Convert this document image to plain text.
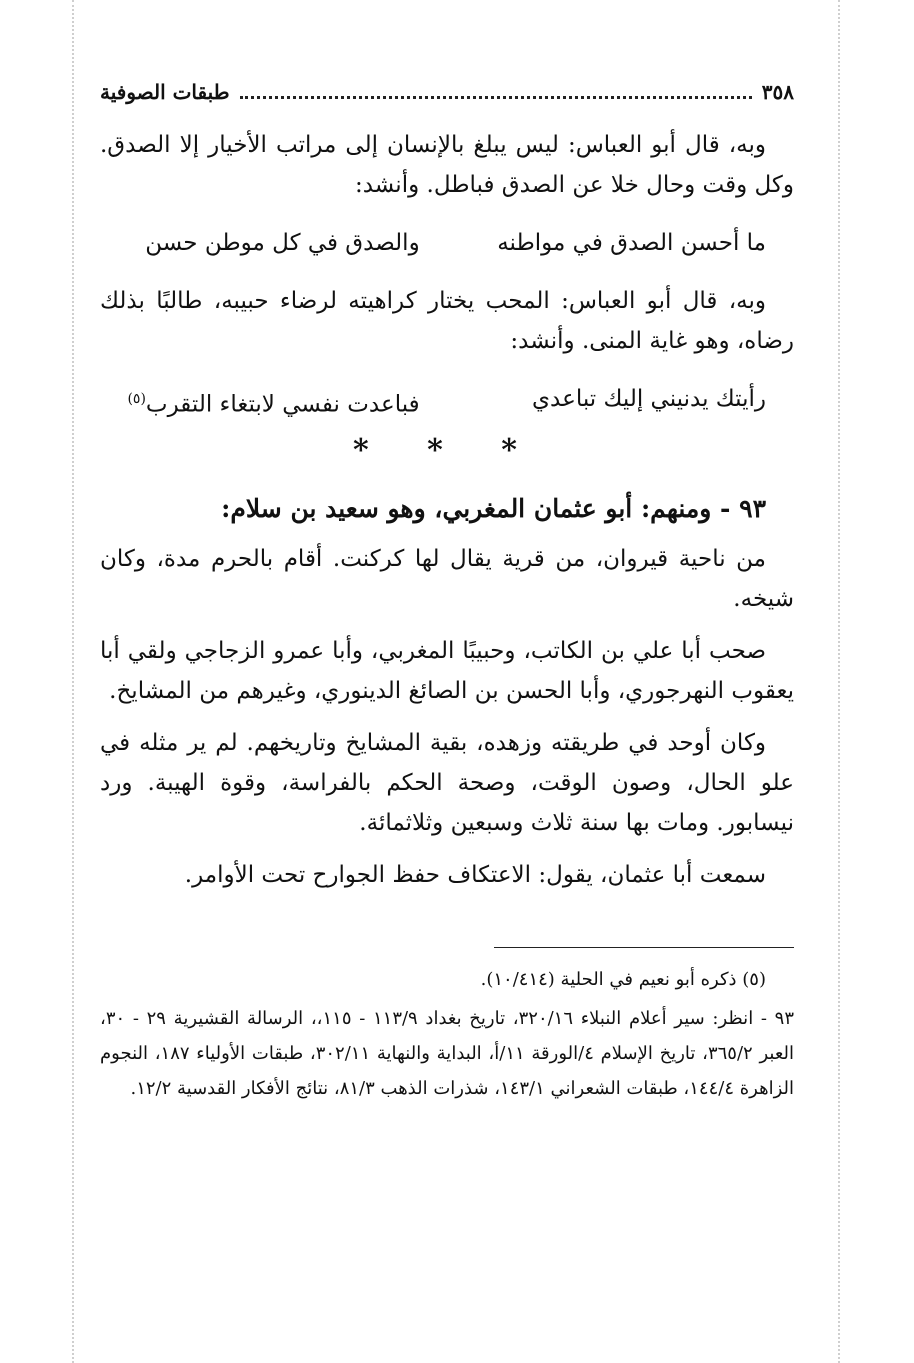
٣٥٨
طبقات الصوفية

وبه، قال أبو العباس: ليس يبلغ بالإنسان إلى مراتب الأخيار إلا الصدق. وكل وقت وحال خلا عن الصدق فباطل. وأنشد:

ما أحسن الصدق في مواطنه
والصدق في كل موطن حسن

وبه، قال أبو العباس: المحب يختار كراهيته لرضاء حبيبه، طالبًا بذلك رضاه، وهو غاية المنى. وأنشد:

رأيتك يدنيني إليك تباعدي
فباعدت نفسي لابتغاء التقرب$^{(٥)}$
* * *
٩٣ - ومنهم: أبو عثمان المغربي، وهو سعيد بن سلام:

من ناحية قيروان، من قرية يقال لها كركنت. أقام بالحرم مدة، وكان شيخه.

صحب أبا علي بن الكاتب، وحبيبًا المغربي، وأبا عمرو الزجاجي ولقي أبا يعقوب النهرجوري، وأبا الحسن بن الصائغ الدينوري، وغيرهم من المشايخ.

وكان أوحد في طريقته وزهده، بقية المشايخ وتاريخهم. لم ير مثله في علو الحال، وصون الوقت، وصحة الحكم بالفراسة، وقوة الهيبة. ورد نيسابور. ومات بها سنة ثلاث وسبعين وثلاثمائة.

سمعت أبا عثمان، يقول: الاعتكاف حفظ الجوارح تحت الأوامر.

(٥) ذكره أبو نعيم في الحلية (١٠/٤١٤).

٩٣ - انظر: سير أعلام النبلاء ٣٢٠/١٦، تاريخ بغداد ١١٣/٩ - ١١٥،، الرسالة القشيرية ٢٩ - ٣٠، العبر ٣٦٥/٢، تاريخ الإسلام ٤/الورقة ١١/أ، البداية والنهاية ٣٠٢/١١، طبقات الأولياء ١٨٧، النجوم الزاهرة ١٤٤/٤، طبقات الشعراني ١٤٣/١، شذرات الذهب ٨١/٣، نتائج الأفكار القدسية ١٢/٢.
